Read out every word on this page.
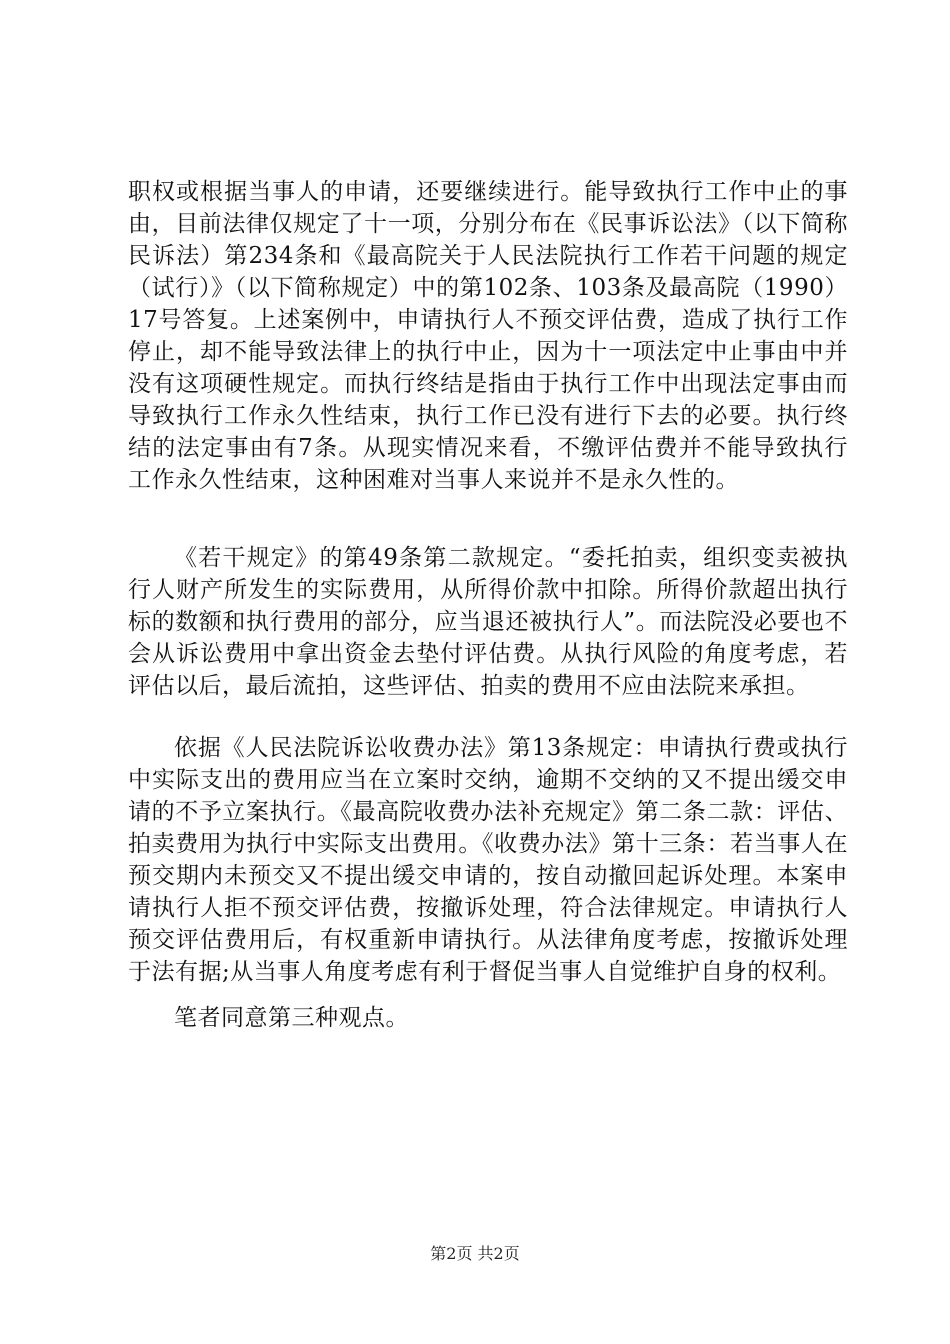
职权或根据当事人的申请，还要继续进行。能导致执行工作中止的事由，目前法律仅规定了十一项，分别分布在《民事诉讼法》（以下简称民诉法）第234条和《最高院关于人民法院执行工作若干问题的规定（试行）》（以下简称规定）中的第102条、103条及最高院（1990）17号答复。上述案例中，申请执行人不预交评估费，造成了执行工作停止，却不能导致法律上的执行中止，因为十一项法定中止事由中并没有这项硬性规定。而执行终结是指由于执行工作中出现法定事由而导致执行工作永久性结束，执行工作已没有进行下去的必要。执行终结的法定事由有7条。从现实情况来看，不缴评估费并不能导致执行工作永久性结束，这种困难对当事人来说并不是永久性的。

《若干规定》的第49条第二款规定。“委托拍卖，组织变卖被执行人财产所发生的实际费用，从所得价款中扣除。所得价款超出执行标的数额和执行费用的部分，应当退还被执行人”。而法院没必要也不会从诉讼费用中拿出资金去垫付评估费。从执行风险的角度考虑，若评估以后，最后流拍，这些评估、拍卖的费用不应由法院来承担。

依据《人民法院诉讼收费办法》第13条规定：申请执行费或执行中实际支出的费用应当在立案时交纳，逾期不交纳的又不提出缓交申请的不予立案执行。《最高院收费办法补充规定》第二条二款：评估、拍卖费用为执行中实际支出费用。《收费办法》第十三条：若当事人在预交期内未预交又不提出缓交申请的，按自动撤回起诉处理。本案申请执行人拒不预交评估费，按撤诉处理，符合法律规定。申请执行人预交评估费用后，有权重新申请执行。从法律角度考虑，按撤诉处理于法有据;从当事人角度考虑有利于督促当事人自觉维护自身的权利。

笔者同意第三种观点。

第2页 共2页
